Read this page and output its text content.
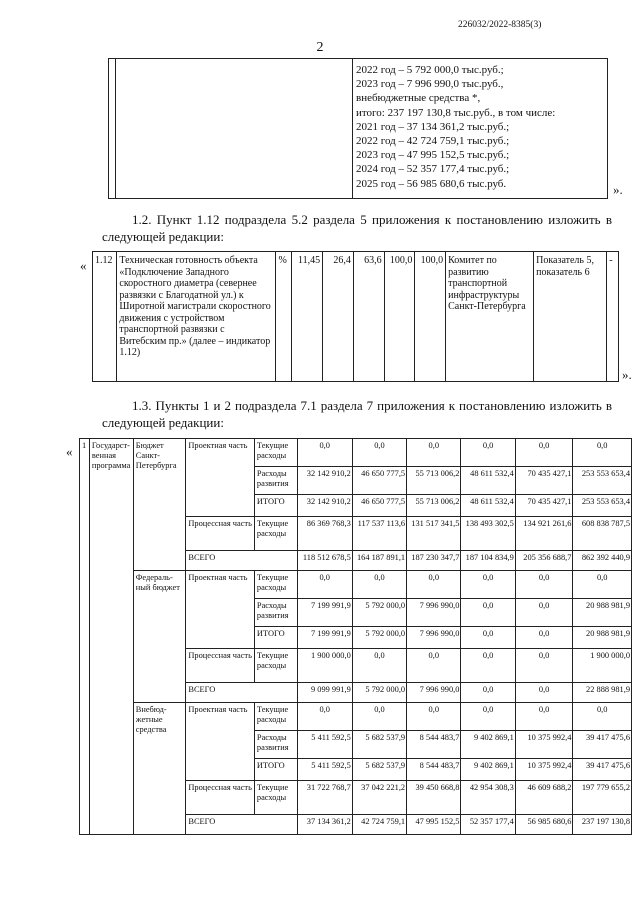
226032/2022-8385(3)
2

2022 год – 5 792 000,0 тыс.руб.;
2023 год – 7 996 990,0 тыс.руб.,
внебюджетные средства *,
итого: 237 197 130,8 тыс.руб., в том числе:
2021 год – 37 134 361,2 тыс.руб.;
2022 год – 42 724 759,1 тыс.руб.;
2023 год – 47 995 152,5 тыс.руб.;
2024 год – 52 357 177,4 тыс.руб.;
2025 год – 56 985 680,6 тыс.руб.	».
1.2. Пункт 1.12 подраздела 5.2 раздела 5 приложения к постановлению изложить в следующей редакции:
« 1.12	Техническая готовность объекта «Подключение Западного скоростного диаметра (севернее развязки с Благодатной ул.) к Широтной магистрали скоростного движения с устройством транспортной развязки с Витебским пр.» (далее – индикатор 1.12)	%	11,45	26,4	63,6	100,0	100,0	Комитет по развитию транспортной инфраструктуры Санкт-Петербурга	Показатель 5, показатель 6	-
».
1.3. Пункты 1 и 2 подраздела 7.1 раздела 7 приложения к постановлению изложить в следующей редакции:
« 1	Государст-венная программа	Бюджет Санкт-Петербурга	Проектная часть	Текущие расходы	0,0	0,0	0,0	0,0	0,0	0,0
				Расходы развития	32 142 910,2	46 650 777,5	55 713 006,2	48 611 532,4	70 435 427,1	253 553 653,4
				ИТОГО	32 142 910,2	46 650 777,5	55 713 006,2	48 611 532,4	70 435 427,1	253 553 653,4
			Процессная часть	Текущие расходы	86 369 768,3	117 537 113,6	131 517 341,5	138 493 302,5	134 921 261,6	608 838 787,5
			ВСЕГО		118 512 678,5	164 187 891,1	187 230 347,7	187 104 834,9	205 356 688,7	862 392 440,9
		Федераль-ный бюджет	Проектная часть	Текущие расходы	0,0	0,0	0,0	0,0	0,0	0,0
				Расходы развития	7 199 991,9	5 792 000,0	7 996 990,0	0,0	0,0	20 988 981,9
				ИТОГО	7 199 991,9	5 792 000,0	7 996 990,0	0,0	0,0	20 988 981,9
			Процессная часть	Текущие расходы	1 900 000,0	0,0	0,0	0,0	0,0	1 900 000,0
			ВСЕГО		9 099 991,9	5 792 000,0	7 996 990,0	0,0	0,0	22 888 981,9
		Внебюд-жетные средства	Проектная часть	Текущие расходы	0,0	0,0	0,0	0,0	0,0	0,0
				Расходы развития	5 411 592,5	5 682 537,9	8 544 483,7	9 402 869,1	10 375 992,4	39 417 475,6
				ИТОГО	5 411 592,5	5 682 537,9	8 544 483,7	9 402 869,1	10 375 992,4	39 417 475,6
			Процессная часть	Текущие расходы	31 722 768,7	37 042 221,2	39 450 668,8	42 954 308,3	46 609 688,2	197 779 655,2
			ВСЕГО		37 134 361,2	42 724 759,1	47 995 152,5	52 357 177,4	56 985 680,6	237 197 130,8
